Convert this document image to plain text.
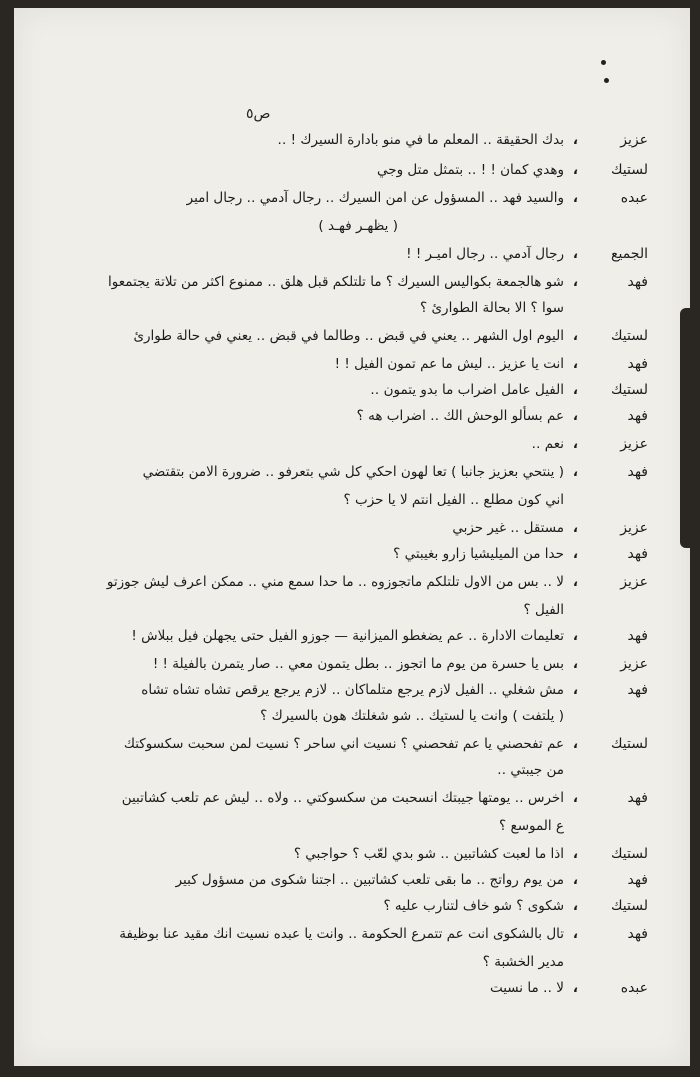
ص٥
عزيز
،
بدك الحقيقة ‥ المعلم ما في منو بادارة السيرك ! ‥
لستيك
،
وهدي كمان ! ! ‥ بتمثل متل وجي
عبده
،
والسيد فهد ‥ المسؤول عن امن السيرك ‥ رجال آدمي ‥ رجال امير
( يظهـر فهـد )
الجميع
،
رجال آدمي ‥ رجال اميـر ! !
فهد
،
شو هالجمعة بكواليس السيرك ؟ ما تلتلكم قبل هلق ‥ ممنوع اكثر من تلاتة يجتمعوا
سوا ؟ الا بحالة الطوارئ ؟
لستيك
،
اليوم اول الشهر ‥ يعني في قبض ‥ وطالما في قبض ‥ يعني في حالة طوارئ
فهد
،
انت يا عزيز ‥ ليش ما عم تمون الفيل ! !
لستيك
،
الفيل عامل اضراب ما بدو يتمون ‥
فهد
،
عم بسألو الوحش الك ‥ اضراب هه ؟
عزيز
،
نعم ‥
فهد
،
( ينتحي بعزيز جانبا ) تعا لهون احكي كل شي بتعرفو ‥ ضرورة الامن بتقتضي
اني كون مطلع ‥ الفيل انتم لا يا حزب ؟
عزيز
،
مستقل ‥ غير حزبي
فهد
،
حدا من الميليشيا زارو بغيبتي ؟
عزيز
،
لا ‥ بس من الاول تلتلكم ماتجوزوه ‥ ما حدا سمع مني ‥ ممكن اعرف ليش جوزتو
الفيل ؟
فهد
،
تعليمات الادارة ‥ عم يضغطو الميزانية — جوزو الفيل حتى يجهلن فيل ببلاش !
عزيز
،
بس يا حسرة من يوم ما اتجوز ‥ بطل يتمون معي ‥ صار يتمرن بالفيلة ! !
فهد
،
مش شغلي ‥ الفيل لازم يرجع متلماكان ‥ لازم يرجع يرقص تشاه تشاه تشاه
( يلتفت ) وانت يا لستيك ‥ شو شغلتك هون بالسيرك ؟
لستيك
،
عم تفحصني يا عم تفحصني ؟ نسيت اني ساحر ؟ نسيت لمن سحبت سكسوكتك
من جيبتي ‥
فهد
،
اخرس ‥ يومتها جيبتك انسحبت من سكسوكتي ‥ ولاه ‥ ليش عم تلعب كشاتبين
ع الموسع ؟
لستيك
،
اذا ما لعبت كشاتبين ‥ شو بدي لعّب ؟ حواجبي ؟
فهد
،
من يوم رواتج ‥ ما بقى تلعب كشاتبين ‥ اجتنا شكوى من مسؤول كبير
لستيك
،
شكوى ؟ شو خاف لتنارب عليه ؟
فهد
،
تال بالشكوى انت عم تتمرع الحكومة ‥ وانت يا عبده نسيت انك مقيد عنا بوظيفة
مدير الخشبة ؟
عبده
،
لا ‥ ما نسيت
